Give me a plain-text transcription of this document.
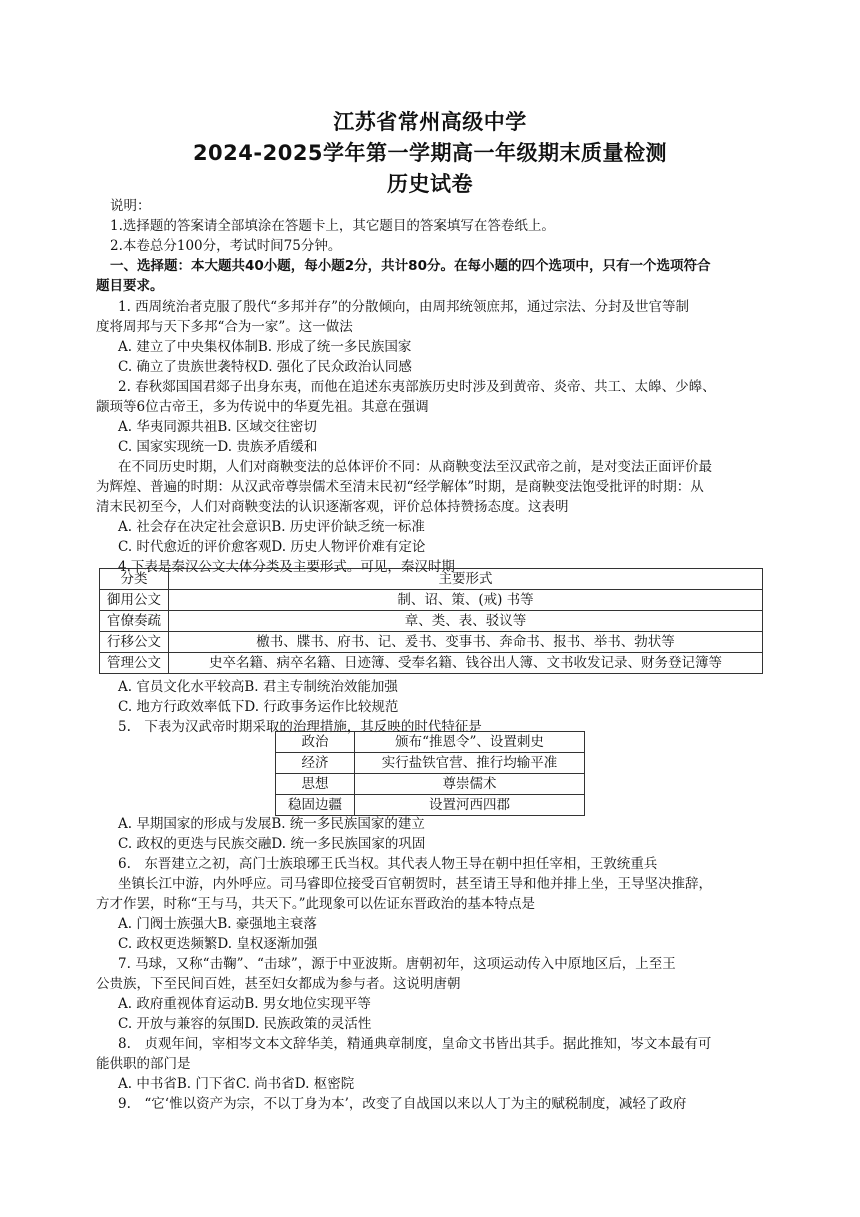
江苏省常州高级中学
2024-2025学年第一学期高一年级期末质量检测
历史试卷
说明：
1.选择题的答案请全部填涂在答题卡上，其它题目的答案填写在答卷纸上。
2.本卷总分100分，考试时间75分钟。
一、选择题：本大题共40小题，每小题2分，共计80分。在每小题的四个选项中，只有一个选项符合
题目要求。
1. 西周统治者克服了殷代“多邦并存”的分散倾向，由周邦统领庶邦，通过宗法、分封及世官等制
度将周邦与天下多邦“合为一家”。这一做法
A. 建立了中央集权体制B. 形成了统一多民族国家
C. 确立了贵族世袭特权D. 强化了民众政治认同感
2. 春秋郯国国君郯子出身东夷，而他在追述东夷部族历史时涉及到黄帝、炎帝、共工、太皞、少皞、
颛顼等6位古帝王，多为传说中的华夏先祖。其意在强调
A. 华夷同源共祖B. 区域交往密切
C. 国家实现统一D. 贵族矛盾缓和
在不同历史时期，人们对商鞅变法的总体评价不同：从商鞅变法至汉武帝之前，是对变法正面评价最
为辉煌、普遍的时期：从汉武帝尊崇儒术至清末民初“经学解体”时期，是商鞅变法饱受批评的时期：从
清末民初至今，人们对商鞅变法的认识逐渐客观，评价总体持赞扬态度。这表明
A. 社会存在决定社会意识B. 历史评价缺乏统一标准
C. 时代愈近的评价愈客观D. 历史人物评价难有定论
4.下表是秦汉公文大体分类及主要形式。可见，秦汉时期
分类	主要形式
御用公文	制、诏、策、(戒) 书等
官僚奏疏	章、类、表、驳议等
行移公文	檄书、牒书、府书、记、爰书、变事书、奔命书、报书、举书、勃状等
管理公文	史卒名籍、病卒名籍、日迹簿、受奉名籍、钱谷出人簿、文书收发记录、财务登记簿等
A. 官员文化水平较高B. 君主专制统治效能加强
C. 地方行政效率低下D. 行政事务运作比较规范
5.　下表为汉武帝时期采取的治理措施，其反映的时代特征是
政治	颁布“推恩令”、设置刺史
经济	实行盐铁官营、推行均输平准
思想	尊崇儒术
稳固边疆	设置河西四郡
A. 早期国家的形成与发展B. 统一多民族国家的建立
C. 政权的更迭与民族交融D. 统一多民族国家的巩固
6.　东晋建立之初，高门士族琅琊王氏当权。其代表人物王导在朝中担任宰相，王敦统重兵
坐镇长江中游，内外呼应。司马睿即位接受百官朝贺时，甚至请王导和他并排上坐，王导坚决推辞，
方才作罢，时称“王与马，共天下。”此现象可以佐证东晋政治的基本特点是
A. 门阀士族强大B. 豪强地主衰落
C. 政权更迭频繁D. 皇权逐渐加强
7. 马球，又称“击鞠”、“击球”，源于中亚波斯。唐朝初年，这项运动传入中原地区后，上至王
公贵族，下至民间百姓，甚至妇女都成为参与者。这说明唐朝
A. 政府重视体育运动B. 男女地位实现平等
C. 开放与兼容的氛围D. 民族政策的灵活性
8.　贞观年间，宰相岑文本文辞华美，精通典章制度，皇命文书皆出其手。据此推知，岑文本最有可
能供职的部门是
A. 中书省B. 门下省C. 尚书省D. 枢密院
9.　“它‘惟以资产为宗，不以丁身为本’，改变了自战国以来以人丁为主的赋税制度，减轻了政府
